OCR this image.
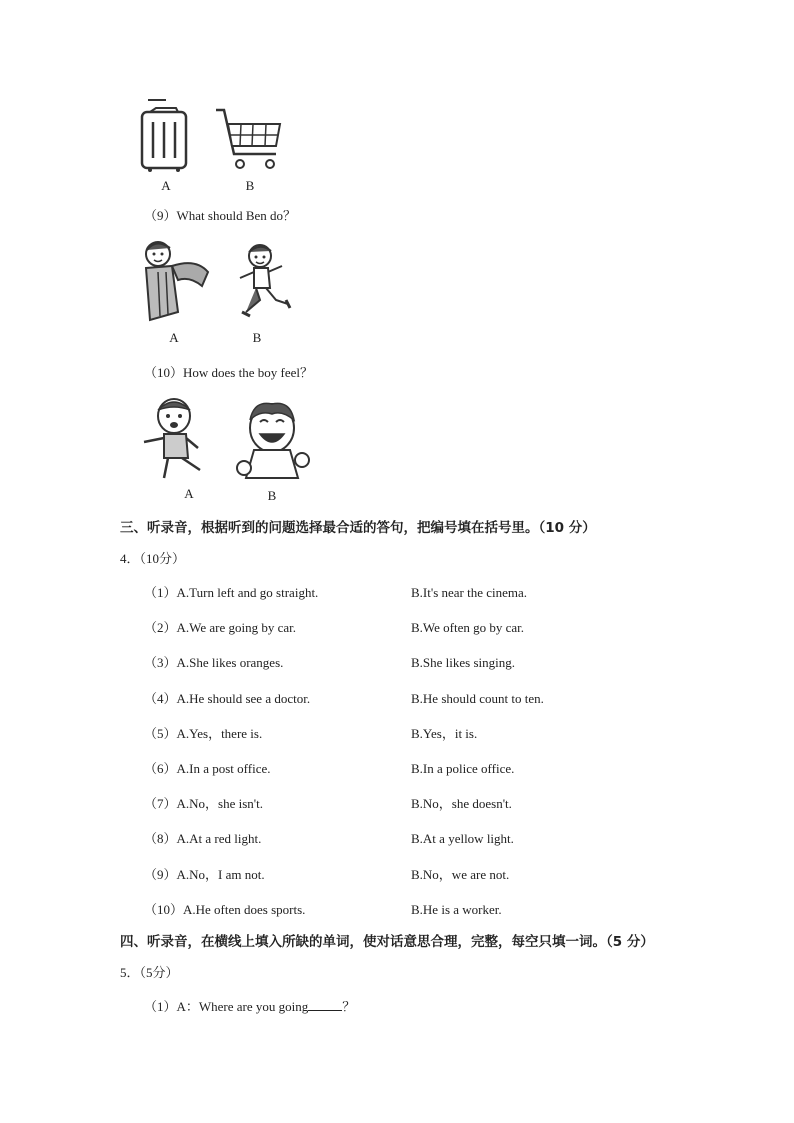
A	B
（9）What should Ben do？
A	B
（10）How does the boy feel？
A	B
三、听录音，根据听到的问题选择最合适的答句，把编号填在括号里。（10 分）
4．（10分）
（1）A.Turn left and go straight.	B.It's near the cinema.
（2）A.We are going by car.	B.We often go by car.
（3）A.She likes oranges.	B.She likes singing.
（4）A.He should see a doctor.	B.He should count to ten.
（5）A.Yes，there is.	B.Yes，it is.
（6）A.In a post office.	B.In a police office.
（7）A.No，she isn't.	B.No，she doesn't.
（8）A.At a red light.	B.At a yellow light.
（9）A.No，I am not.	B.No，we are not.
（10）A.He often does sports.	B.He is a worker.
四、听录音，在横线上填入所缺的单词，使对话意思合理，完整，每空只填一词。（5 分）
5．（5分）
（1）A：Where are you going	？
